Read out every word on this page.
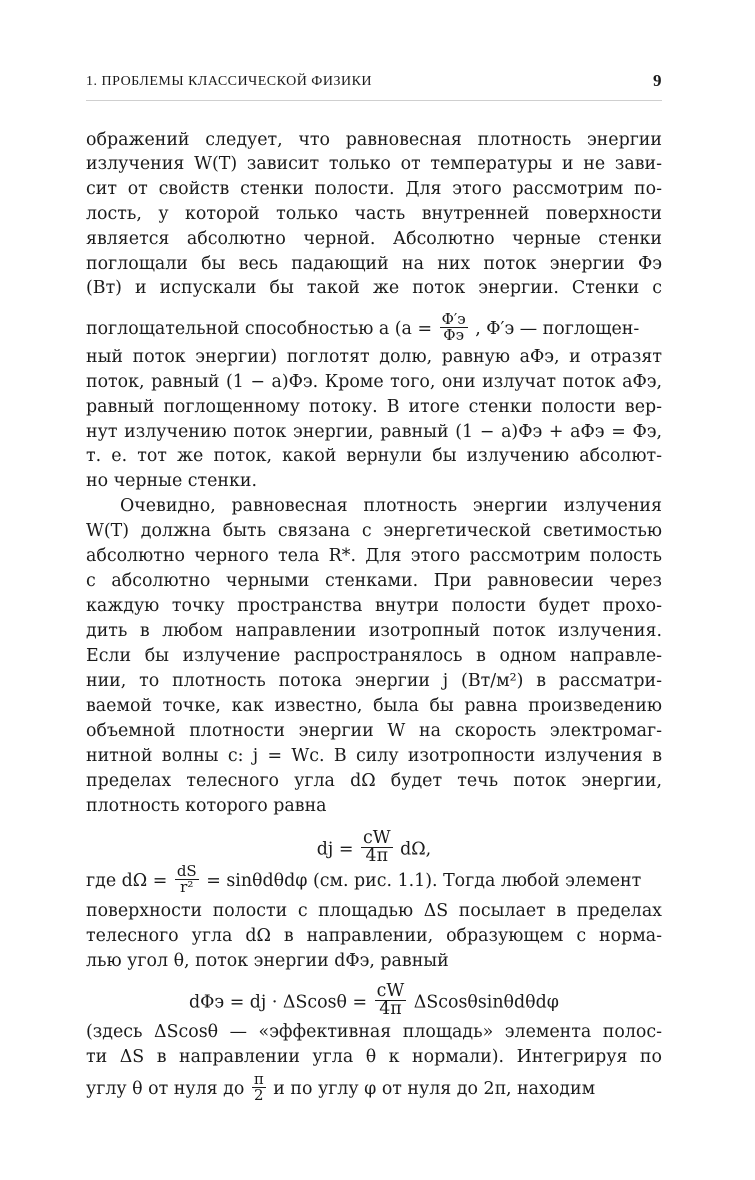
1. ПРОБЛЕМЫ КЛАССИЧЕСКОЙ ФИЗИКИ	9
ображений следует, что равновесная плотность энергии
излучения W(T) зависит только от температуры и не зави-
сит от свойств стенки полости. Для этого рассмотрим по-
лость, у которой только часть внутренней поверхности
является абсолютно черной. Абсолютно черные стенки
поглощали бы весь падающий на них поток энергии Φэ
(Вт) и испускали бы такой же поток энергии. Стенки с
поглощательной способностью a ($a = \frac{\Phi'э}{\Phi э}$ , Φ′э — поглощен-
ный поток энергии) поглотят долю, равную aΦэ, и отразят
поток, равный (1 − a)Φэ. Кроме того, они излучат поток aΦэ,
равный поглощенному потоку. В итоге стенки полости вер-
нут излучению поток энергии, равный (1 − a)Φэ + aΦэ = Φэ,
т. е. тот же поток, какой вернули бы излучению абсолют-
но черные стенки.
Очевидно, равновесная плотность энергии излучения
W(T) должна быть связана с энергетической светимостью
абсолютно черного тела R*. Для этого рассмотрим полость
с абсолютно черными стенками. При равновесии через
каждую точку пространства внутри полости будет прохо-
дить в любом направлении изотропный поток излучения.
Если бы излучение распространялось в одном направле-
нии, то плотность потока энергии j (Вт/м²) в рассматри-
ваемой точке, как известно, была бы равна произведению
объемной плотности энергии W на скорость электромаг-
нитной волны c: j = Wc. В силу изотропности излучения в
пределах телесного угла dΩ будет течь поток энергии,
плотность которого равна
dj = $\frac{cW}{4\pi} d\Omega$,
где $d\Omega = \frac{dS}{\text{r²}} = \sin\theta d\theta d\varphi$ (см. рис. 1.1). Тогда любой элемент
поверхности полости с площадью ΔS посылает в пределах
телесного угла dΩ в направлении, образующем с норма-
лью угол θ, поток энергии dΦэ, равный
dΦэ = dj · $\Delta Scos\theta = \frac{cW}{4\pi}$ ΔScosθsinθdθdφ
(здесь ΔScosθ — «эффективная площадь» элемента полос-
ти ΔS в направлении угла θ к нормали). Интегрируя по
углу θ от нуля до $\frac{\pi}{2}$ и по углу φ от нуля до 2π, находим
